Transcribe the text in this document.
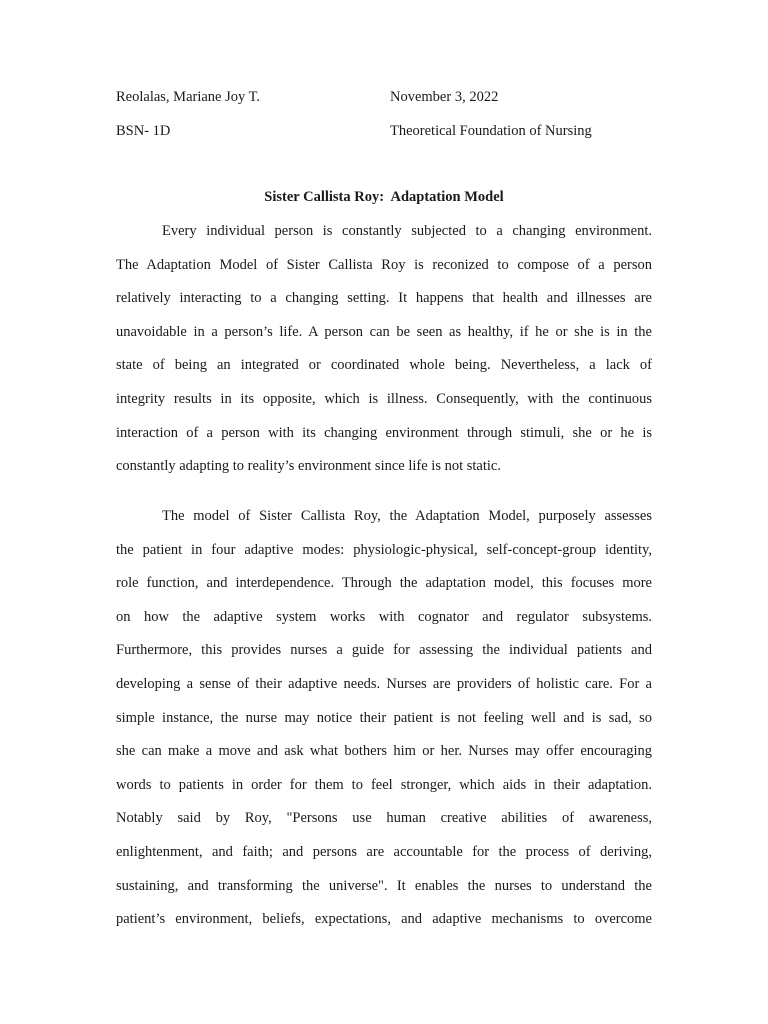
Reolalas, Mariane Joy T.	November 3, 2022
BSN- 1D	Theoretical Foundation of Nursing
Sister Callista Roy:  Adaptation Model
Every individual person is constantly subjected to a changing environment.
The Adaptation Model of Sister Callista Roy is reconized to compose of a person
relatively interacting to a changing setting. It happens that health and illnesses are
unavoidable in a person’s life. A person can be seen as healthy, if he or she is in the
state of being an integrated or coordinated whole being. Nevertheless, a lack of
integrity results in its opposite, which is illness. Consequently, with the continuous
interaction of a person with its changing environment through stimuli, she or he is
constantly adapting to reality’s environment since life is not static.
The model of Sister Callista Roy, the Adaptation Model, purposely assesses
the patient in four adaptive modes: physiologic-physical, self-concept-group identity,
role function, and interdependence. Through the adaptation model, this focuses more
on how the adaptive system works with cognator and regulator subsystems.
Furthermore, this provides nurses a guide for assessing the individual patients and
developing a sense of their adaptive needs. Nurses are providers of holistic care. For a
simple instance, the nurse may notice their patient is not feeling well and is sad, so
she can make a move and ask what bothers him or her. Nurses may offer encouraging
words to patients in order for them to feel stronger, which aids in their adaptation.
Notably said by Roy, "Persons use human creative abilities of awareness,
enlightenment, and faith; and persons are accountable for the process of deriving,
sustaining, and transforming the universe". It enables the nurses to understand the
patient’s environment, beliefs, expectations, and adaptive mechanisms to overcome
